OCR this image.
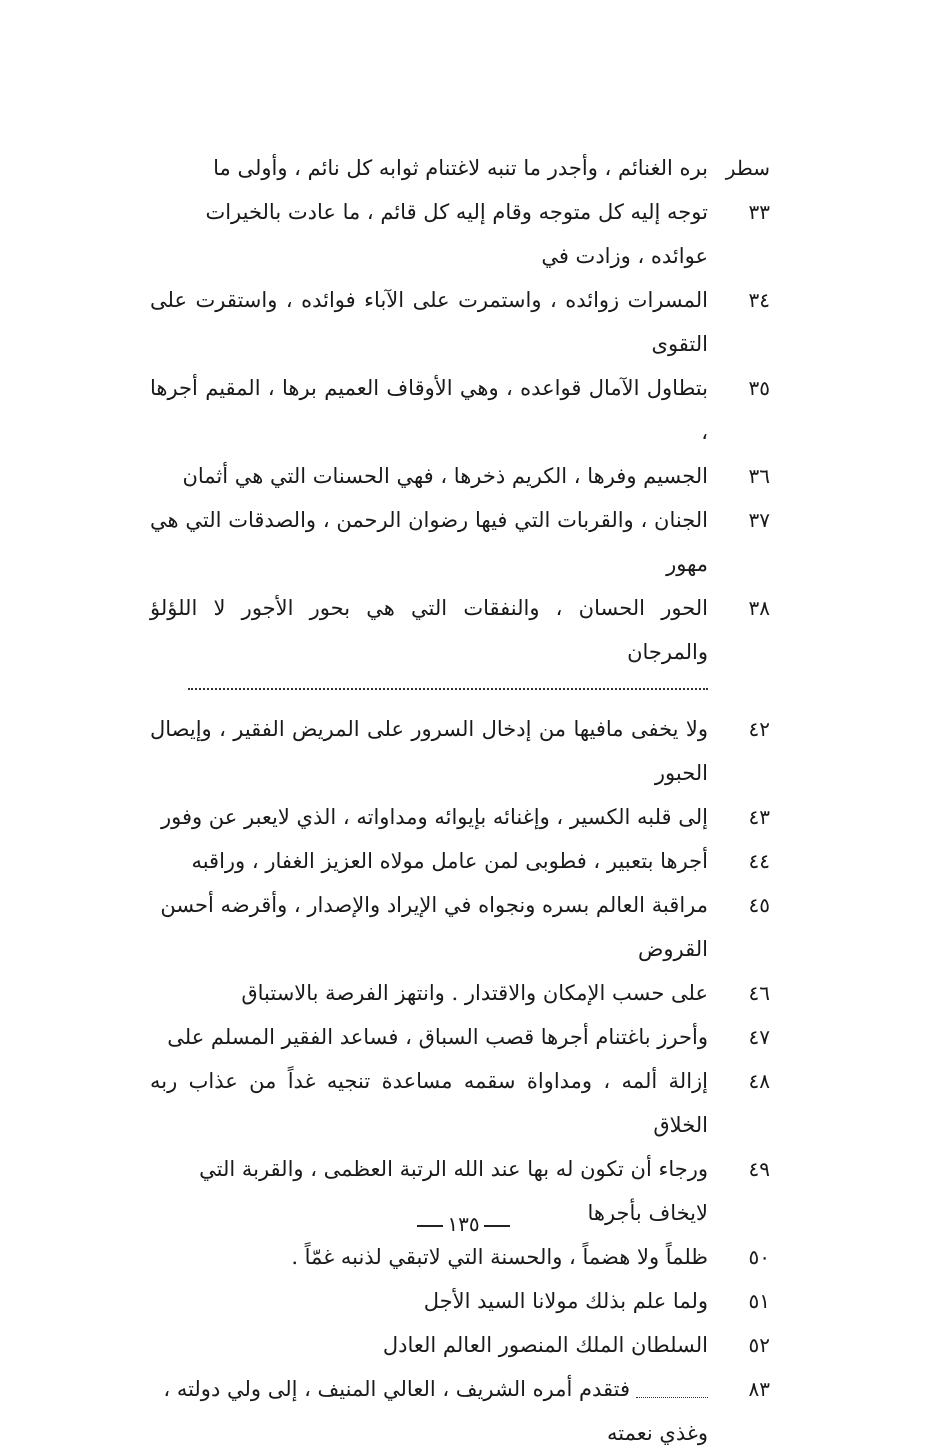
سطر
بره الغنائم ، وأجدر ما تنبه لاغتنام ثوابه كل نائم ، وأولى ما
٣٣
توجه إليه كل متوجه وقام إليه كل قائم ، ما عادت بالخيرات
عوائده ، وزادت في
٣٤
المسرات زوائده ، واستمرت على الآباء فوائده ، واستقرت على التقوى
٣٥
بتطاول الآمال قواعده ، وهي الأوقاف العميم برها ، المقيم أجرها ،
٣٦
الجسيم وفرها ، الكريم ذخرها ، فهي الحسنات التي هي أثمان
٣٧
الجنان ، والقربات التي فيها رضوان الرحمن ، والصدقات التي هي مهور
٣٨
الحور الحسان ، والنفقات التي هي بحور الأجور لا اللؤلؤ والمرجان
٤٢
ولا يخفى مافيها من إدخال السرور على المريض الفقير ، وإيصال الحبور
٤٣
إلى قلبه الكسير ، وإغنائه بإيوائه ومداواته ، الذي لايعبر عن وفور
٤٤
أجرها بتعبير ، فطوبى لمن عامل مولاه العزيز الغفار ، وراقبه
٤٥
مراقبة العالم بسره ونجواه في الإيراد والإصدار ، وأقرضه أحسن
القروض
٤٦
على حسب الإمكان والاقتدار . وانتهز الفرصة بالاستباق
٤٧
وأحرز باغتنام أجرها قصب السباق ، فساعد الفقير المسلم على
٤٨
إزالة ألمه ، ومداواة سقمه مساعدة تنجيه غداً من عذاب ربه الخلاق
٤٩
ورجاء أن تكون له بها عند الله الرتبة العظمى ، والقربة التي
لايخاف بأجرها
٥٠
ظلماً ولا هضماً ، والحسنة التي لاتبقي لذنبه غمّاً .
٥١
ولما علم بذلك مولانا السيد الأجل
٥٢
السلطان الملك المنصور العالم العادل
٨٣
فتقدم أمره الشريف ، العالي المنيف ، إلى ولي دولته ،
وغذي نعمته
١٣٥
